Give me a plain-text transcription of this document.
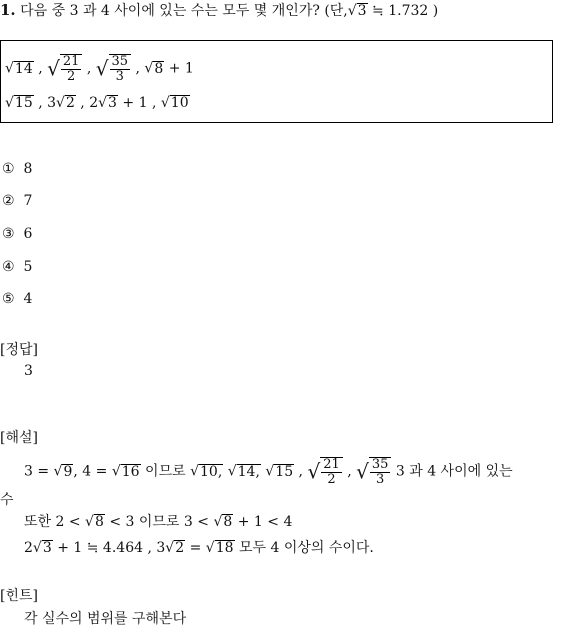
1. 다음 중 3 과 4 사이에 있는 수는 모두 몇 개인가? (단,√3 ≒ 1.732 )
√14 , √ $\frac{21}{2}$ , √ $\frac{35}{3}$ , √8 + 1
√15 , 3√2 , 2√3 + 1 , √10
① 8
② 7
③ 6
④ 5
⑤ 4
[정답]
3
[해설]
3 = √9, 4 = √16 이므로 √10, √14, √15 , √ $\frac{21}{2}$ , √ $\frac{35}{3} 3$ 과 4 사이에 있는
수
또한 2 < √8 < 3 이므로 3 < √8 + 1 < 4
2√3 + 1 ≒ 4.464 , 3√2 = √18 모두 4 이상의 수이다.
[힌트]
각 실수의 범위를 구해본다
